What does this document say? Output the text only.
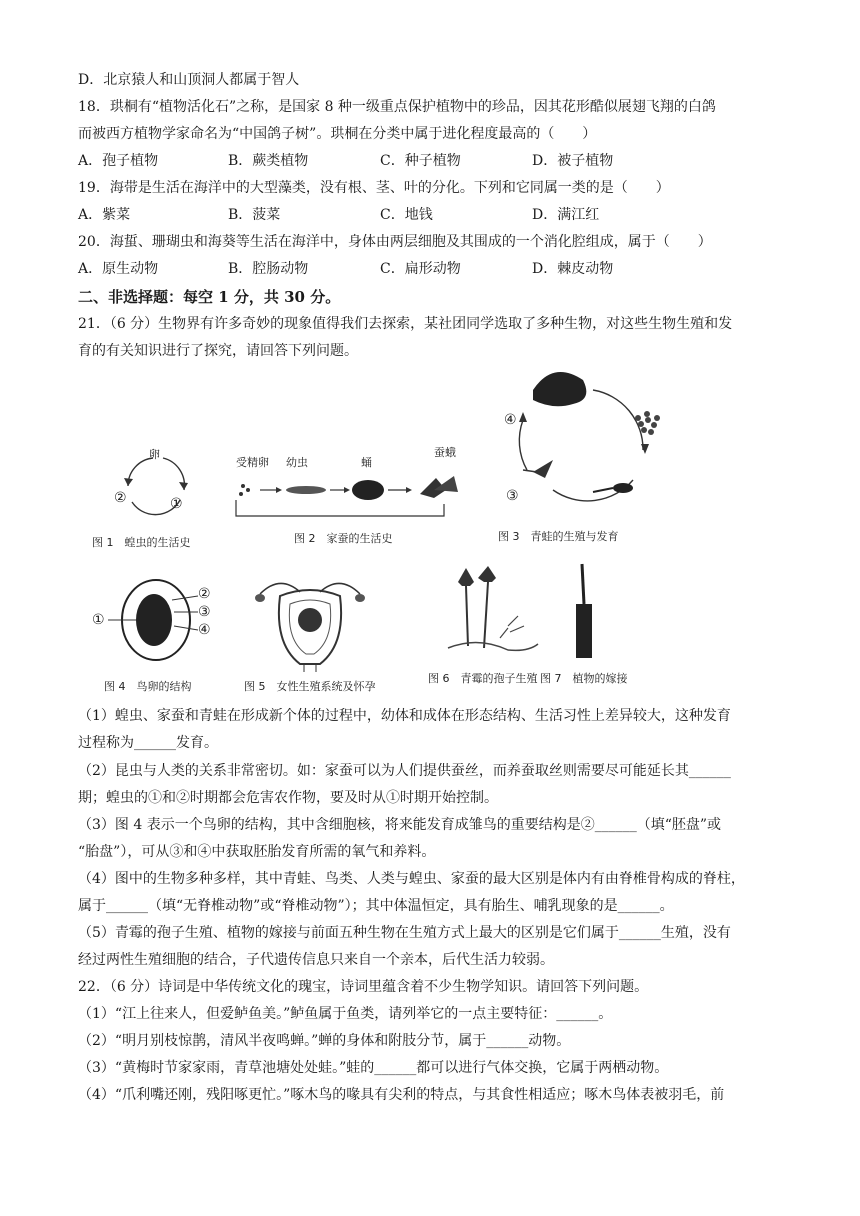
D．北京猿人和山顶洞人都属于智人
18．珙桐有“植物活化石”之称，是国家 8 种一级重点保护植物中的珍品，因其花形酷似展翅飞翔的白鸽
而被西方植物学家命名为“中国鸽子树”。珙桐在分类中属于进化程度最高的（　　）
A．孢子植物	B．蕨类植物	C．种子植物	D．被子植物
19．海带是生活在海洋中的大型藻类，没有根、茎、叶的分化。下列和它同属一类的是（　　）
A．紫菜	B．菠菜	C．地钱	D．满江红
20．海蜇、珊瑚虫和海葵等生活在海洋中，身体由两层细胞及其围成的一个消化腔组成，属于（　　）
A．原生动物	B．腔肠动物	C．扁形动物	D．棘皮动物
二、非选择题：每空 1 分，共 30 分。
21．（6 分）生物界有许多奇妙的现象值得我们去探索，某社团同学选取了多种生物，对这些生物生殖和发
育的有关知识进行了探究，请回答下列问题。
卵
②	①
图 1　蝗虫的生活史
受精卵 幼虫	蛹
蚕蛾
图 2　家蚕的生活史
④
③
图 3　青蛙的生殖与发育
①
②
③
④
图 4　鸟卵的结构	图 5　女性生殖系统及怀孕
图 6　青霉的孢子生殖 图 7　植物的嫁接
（1）蝗虫、家蚕和青蛙在形成新个体的过程中，幼体和成体在形态结构、生活习性上差异较大，这种发育
过程称为______发育。
（2）昆虫与人类的关系非常密切。如：家蚕可以为人们提供蚕丝，而养蚕取丝则需要尽可能延长其______
期；蝗虫的①和②时期都会危害农作物，要及时从①时期开始控制。
（3）图 4 表示一个鸟卵的结构，其中含细胞核，将来能发育成雏鸟的重要结构是②______（填“胚盘”或
“胎盘”），可从③和④中获取胚胎发育所需的氧气和养料。
（4）图中的生物多种多样，其中青蛙、鸟类、人类与蝗虫、家蚕的最大区别是体内有由脊椎骨构成的脊柱，
属于______（填“无脊椎动物”或“脊椎动物”）；其中体温恒定，具有胎生、哺乳现象的是______。
（5）青霉的孢子生殖、植物的嫁接与前面五种生物在生殖方式上最大的区别是它们属于______生殖，没有
经过两性生殖细胞的结合，子代遗传信息只来自一个亲本，后代生活力较弱。
22．（6 分）诗词是中华传统文化的瑰宝，诗词里蕴含着不少生物学知识。请回答下列问题。
（1）“江上往来人，但爱鲈鱼美。”鲈鱼属于鱼类，请列举它的一点主要特征：______。
（2）“明月别枝惊鹊，清风半夜鸣蝉。”蝉的身体和附肢分节，属于______动物。
（3）“黄梅时节家家雨，青草池塘处处蛙。”蛙的______都可以进行气体交换，它属于两栖动物。
（4）“爪利嘴还刚，残阳啄更忙。”啄木鸟的喙具有尖利的特点，与其食性相适应；啄木鸟体表被羽毛，前
